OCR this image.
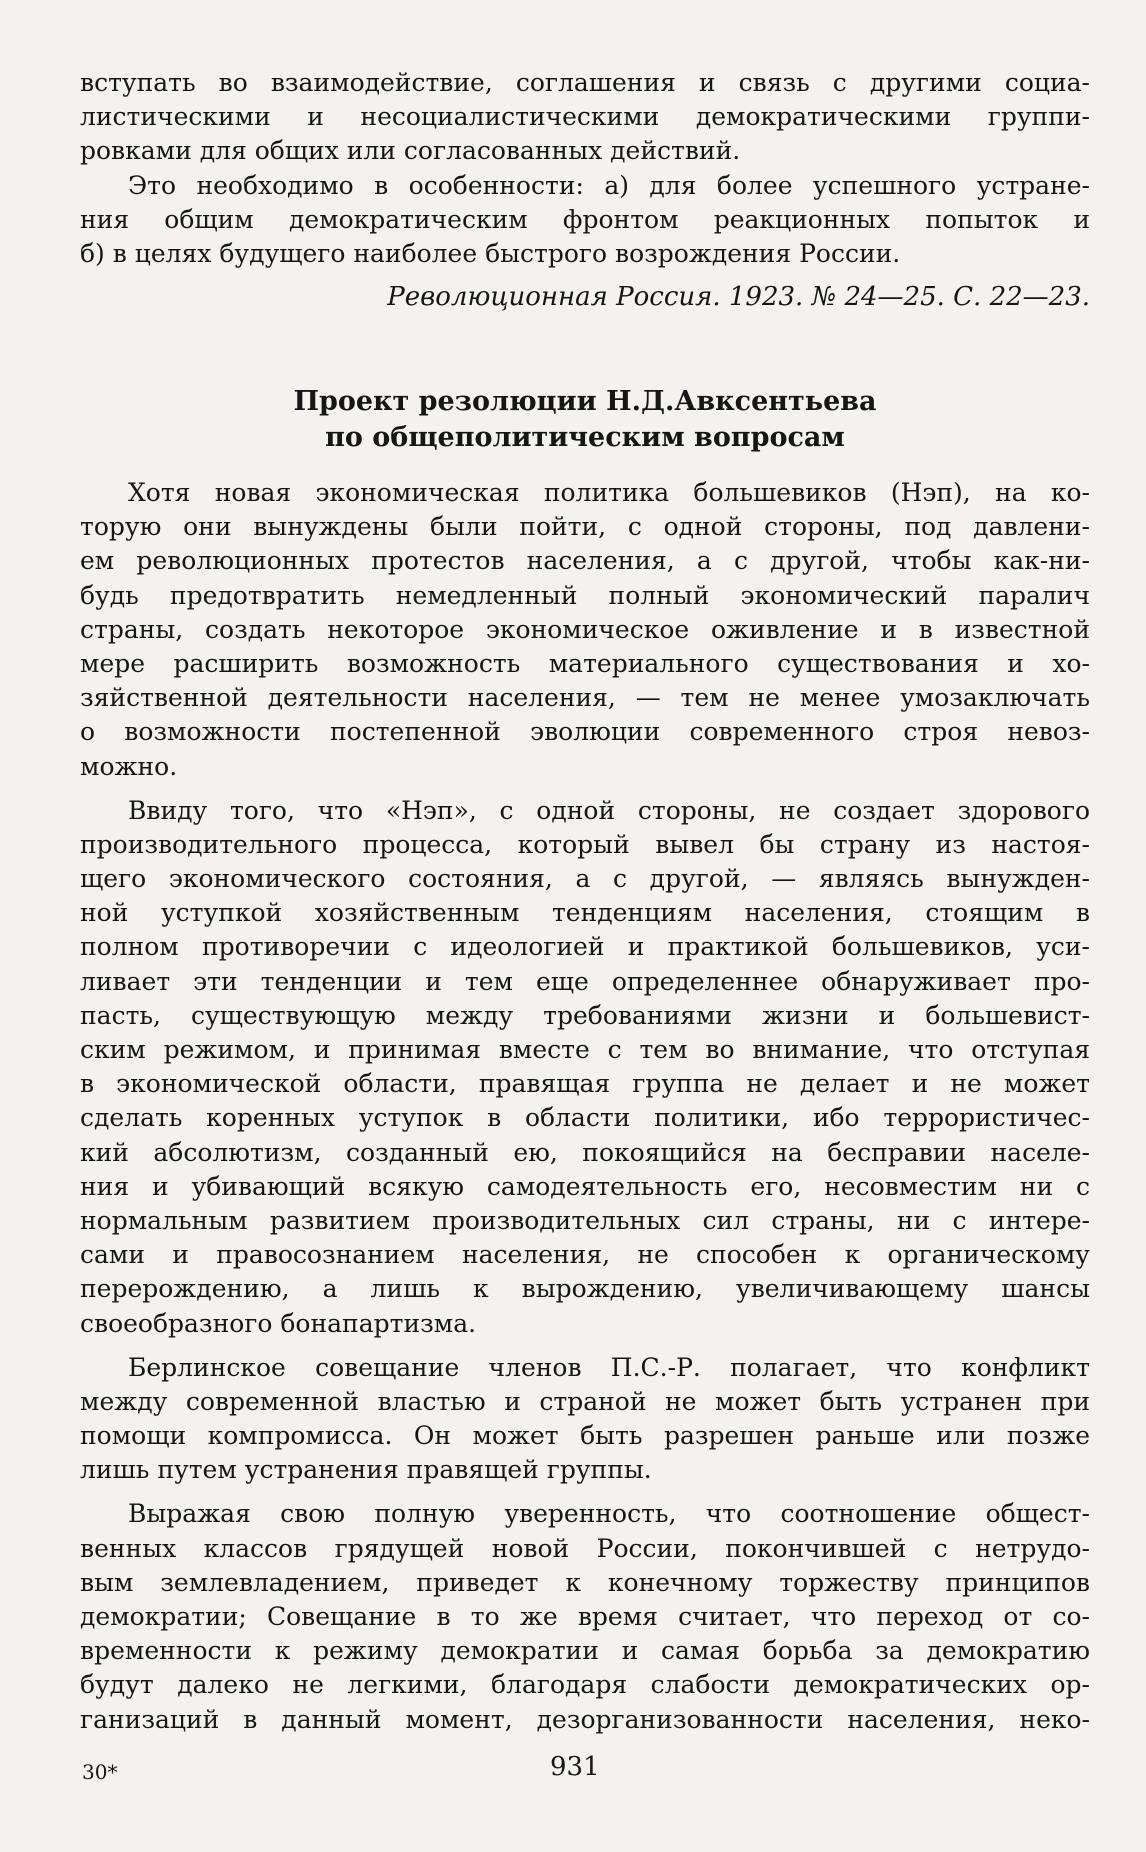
вступать во взаимодействие, соглашения и связь с другими социа-
листическими и несоциалистическими демократическими группи-
ровками для общих или согласованных действий.
Это необходимо в особенности: а) для более успешного устране-
ния общим демократическим фронтом реакционных попыток и
б) в целях будущего наиболее быстрого возрождения России.
Революционная Россия. 1923. № 24—25. С. 22—23.
Проект резолюции Н.Д.Авксентьева
по общеполитическим вопросам
Хотя новая экономическая политика большевиков (Нэп), на ко-
торую они вынуждены были пойти, с одной стороны, под давлени-
ем революционных протестов населения, а с другой, чтобы как-ни-
будь предотвратить немедленный полный экономический паралич
страны, создать некоторое экономическое оживление и в известной
мере расширить возможность материального существования и хо-
зяйственной деятельности населения, — тем не менее умозаключать
о возможности постепенной эволюции современного строя невоз-
можно.
Ввиду того, что «Нэп», с одной стороны, не создает здорового
производительного процесса, который вывел бы страну из настоя-
щего экономического состояния, а с другой, — являясь вынужден-
ной уступкой хозяйственным тенденциям населения, стоящим в
полном противоречии с идеологией и практикой большевиков, уси-
ливает эти тенденции и тем еще определеннее обнаруживает про-
пасть, существующую между требованиями жизни и большевист-
ским режимом, и принимая вместе с тем во внимание, что отступая
в экономической области, правящая группа не делает и не может
сделать коренных уступок в области политики, ибо террористичес-
кий абсолютизм, созданный ею, покоящийся на бесправии населе-
ния и убивающий всякую самодеятельность его, несовместим ни с
нормальным развитием производительных сил страны, ни с интере-
сами и правосознанием населения, не способен к органическому
перерождению, а лишь к вырождению, увеличивающему шансы
своеобразного бонапартизма.
Берлинское совещание членов П.С.-Р. полагает, что конфликт
между современной властью и страной не может быть устранен при
помощи компромисса. Он может быть разрешен раньше или позже
лишь путем устранения правящей группы.
Выражая свою полную уверенность, что соотношение общест-
венных классов грядущей новой России, покончившей с нетрудо-
вым землевладением, приведет к конечному торжеству принципов
демократии; Совещание в то же время считает, что переход от со-
временности к режиму демократии и самая борьба за демократию
будут далеко не легкими, благодаря слабости демократических ор-
ганизаций в данный момент, дезорганизованности населения, неко-
30*	931
